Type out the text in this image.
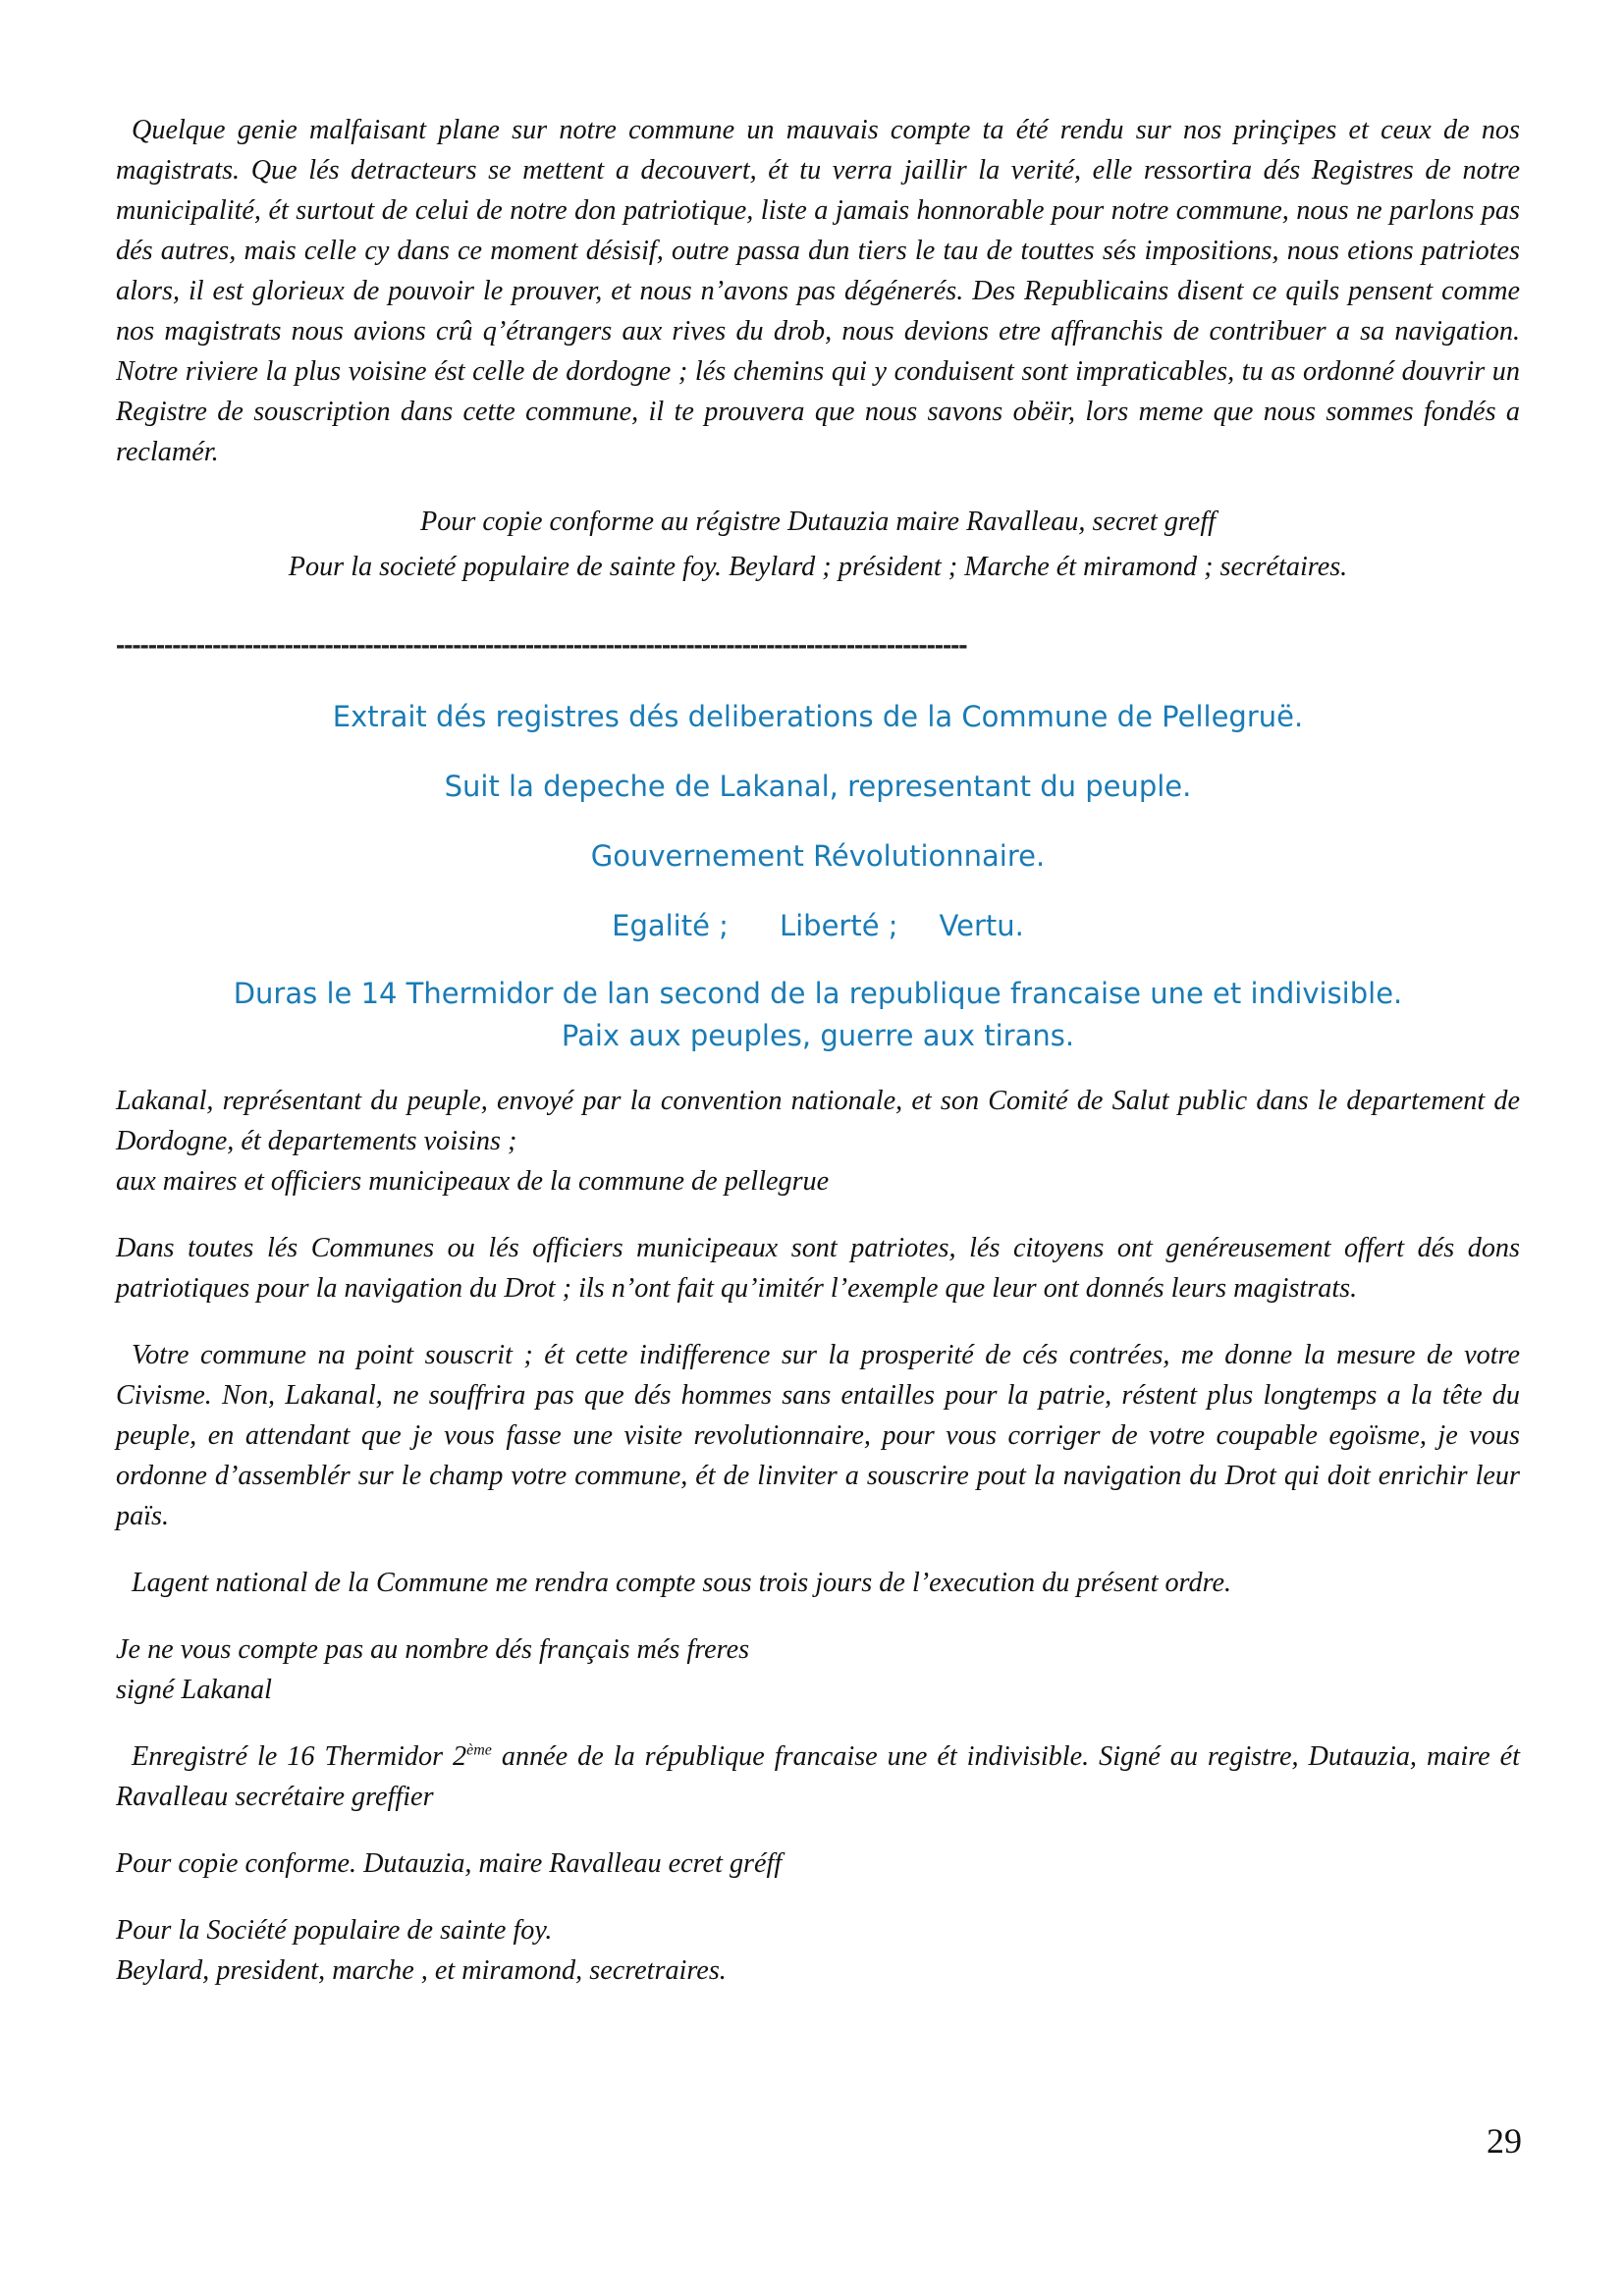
Quelque genie malfaisant plane sur notre commune un mauvais compte ta été rendu sur nos prinçipes et ceux de nos magistrats. Que lés detracteurs se mettent a decouvert, ét tu verra jaillir la verité, elle ressortira dés Registres de notre municipalité, ét surtout de celui de notre don patriotique, liste a jamais honnorable pour notre commune, nous ne parlons pas dés autres, mais celle cy dans ce moment désisif, outre passa dun tiers le tau de touttes sés impositions, nous etions patriotes alors, il est glorieux de pouvoir le prouver, et nous n’avons pas dégénerés. Des Republicains disent ce quils pensent comme nos magistrats nous avions crû q’étrangers aux rives du drob, nous devions etre affranchis de contribuer a sa navigation. Notre riviere la plus voisine ést celle de dordogne ; lés chemins qui y conduisent sont impraticables, tu as ordonné douvrir un Registre de souscription dans cette commune, il te prouvera que nous savons obëir, lors meme que nous sommes fondés a reclamér.

Pour copie conforme au régistre Dutauzia maire Ravalleau, secret greff

Pour la societé populaire de sainte foy. Beylard ; président ; Marche ét miramond ; secrétaires.

----------------------------------------------------------------------------------------------------------

Extrait dés registres dés deliberations de la Commune de Pellegruë.

Suit la depeche de Lakanal, representant du peuple.

Gouvernement Révolutionnaire.

Egalité ; Liberté ; Vertu.

Duras le 14 Thermidor de lan second de la republique francaise une et indivisible.

Paix aux peuples, guerre aux tirans.

Lakanal, représentant du peuple, envoyé par la convention nationale, et son Comité de Salut public dans le departement de Dordogne, ét departements voisins ;
aux maires et officiers municipeaux de la commune de pellegrue

Dans toutes lés Communes ou lés officiers municipeaux sont patriotes, lés citoyens ont genéreusement offert dés dons patriotiques pour la navigation du Drot ; ils n’ont fait qu’imitér l’exemple que leur ont donnés leurs magistrats.

Votre commune na point souscrit ; ét cette indifference sur la prosperité de cés contrées, me donne la mesure de votre Civisme. Non, Lakanal, ne souffrira pas que dés hommes sans entailles pour la patrie, réstent plus longtemps a la tête du peuple, en attendant que je vous fasse une visite revolutionnaire, pour vous corriger de votre coupable egoïsme, je vous ordonne d’assemblér sur le champ votre commune, ét de linviter a souscrire pout la navigation du Drot qui doit enrichir leur païs.

Lagent national de la Commune me rendra compte sous trois jours de l’execution du présent ordre.

Je ne vous compte pas au nombre dés français més freres
signé Lakanal

Enregistré le 16 Thermidor 2ème année de la république francaise une ét indivisible. Signé au registre, Dutauzia, maire ét Ravalleau secrétaire greffier

Pour copie conforme. Dutauzia, maire Ravalleau ecret gréff

Pour la Société populaire de sainte foy.
Beylard, president, marche , et miramond, secretraires.

29
